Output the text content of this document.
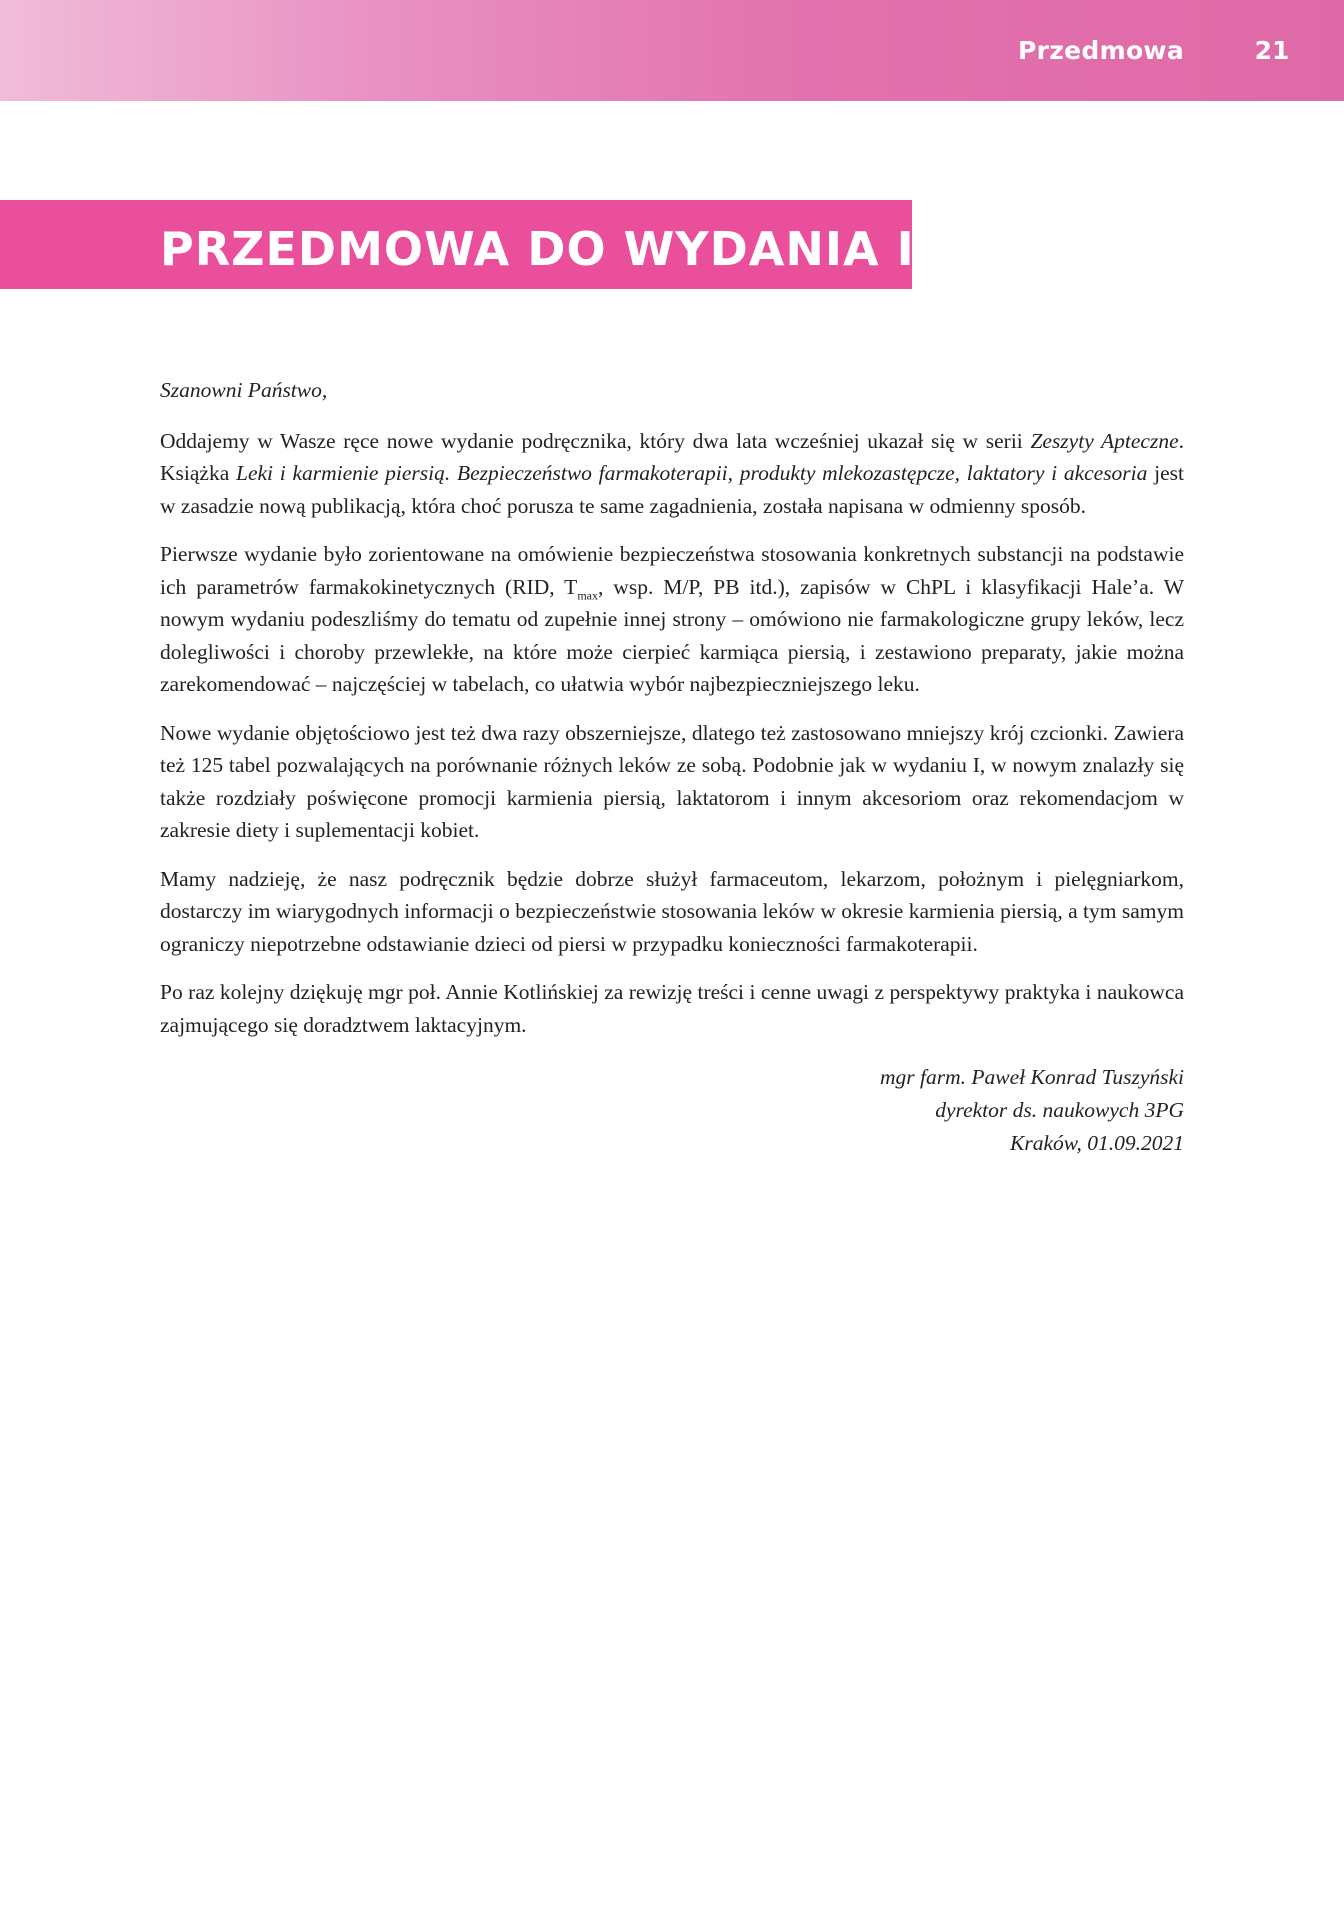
Przedmowa	21
PRZEDMOWA DO WYDANIA II

Szanowni Państwo,

Oddajemy w Wasze ręce nowe wydanie podręcznika, który dwa lata wcześniej ukazał się w serii Zeszyty Apteczne. Książka Leki i karmienie piersią. Bezpieczeństwo farmakoterapii, produkty mlekozastępcze, laktatory i akcesoria jest w zasadzie nową publikacją, która choć porusza te same zagadnienia, została napisana w odmienny sposób.

Pierwsze wydanie było zorientowane na omówienie bezpieczeństwa stosowania konkretnych substancji na podstawie ich parametrów farmakokinetycznych (RID, $T_{max}$, wsp. M/P, PB itd.), zapisów w ChPL i klasyfikacji Hale’a. W nowym wydaniu podeszliśmy do tematu od zupełnie innej strony – omówiono nie farmakologiczne grupy leków, lecz dolegliwości i choroby przewlekłe, na które może cierpieć karmiąca piersią, i zestawiono preparaty, jakie można zarekomendować – najczęściej w tabelach, co ułatwia wybór najbezpieczniejszego leku.

Nowe wydanie objętościowo jest też dwa razy obszerniejsze, dlatego też zastosowano mniejszy krój czcionki. Zawiera też 125 tabel pozwalających na porównanie różnych leków ze sobą. Podobnie jak w wydaniu I, w nowym znalazły się także rozdziały poświęcone promocji karmienia piersią, laktatorom i innym akcesoriom oraz rekomendacjom w zakresie diety i suplementacji kobiet.

Mamy nadzieję, że nasz podręcznik będzie dobrze służył farmaceutom, lekarzom, położnym i pielęgniarkom, dostarczy im wiarygodnych informacji o bezpieczeństwie stosowania leków w okresie karmienia piersią, a tym samym ograniczy niepotrzebne odstawianie dzieci od piersi w przypadku konieczności farmakoterapii.

Po raz kolejny dziękuję mgr poł. Annie Kotlińskiej za rewizję treści i cenne uwagi z perspektywy praktyka i naukowca zajmującego się doradztwem laktacyjnym.

mgr farm. Paweł Konrad Tuszyński
dyrektor ds. naukowych 3PG
Kraków, 01.09.2021
